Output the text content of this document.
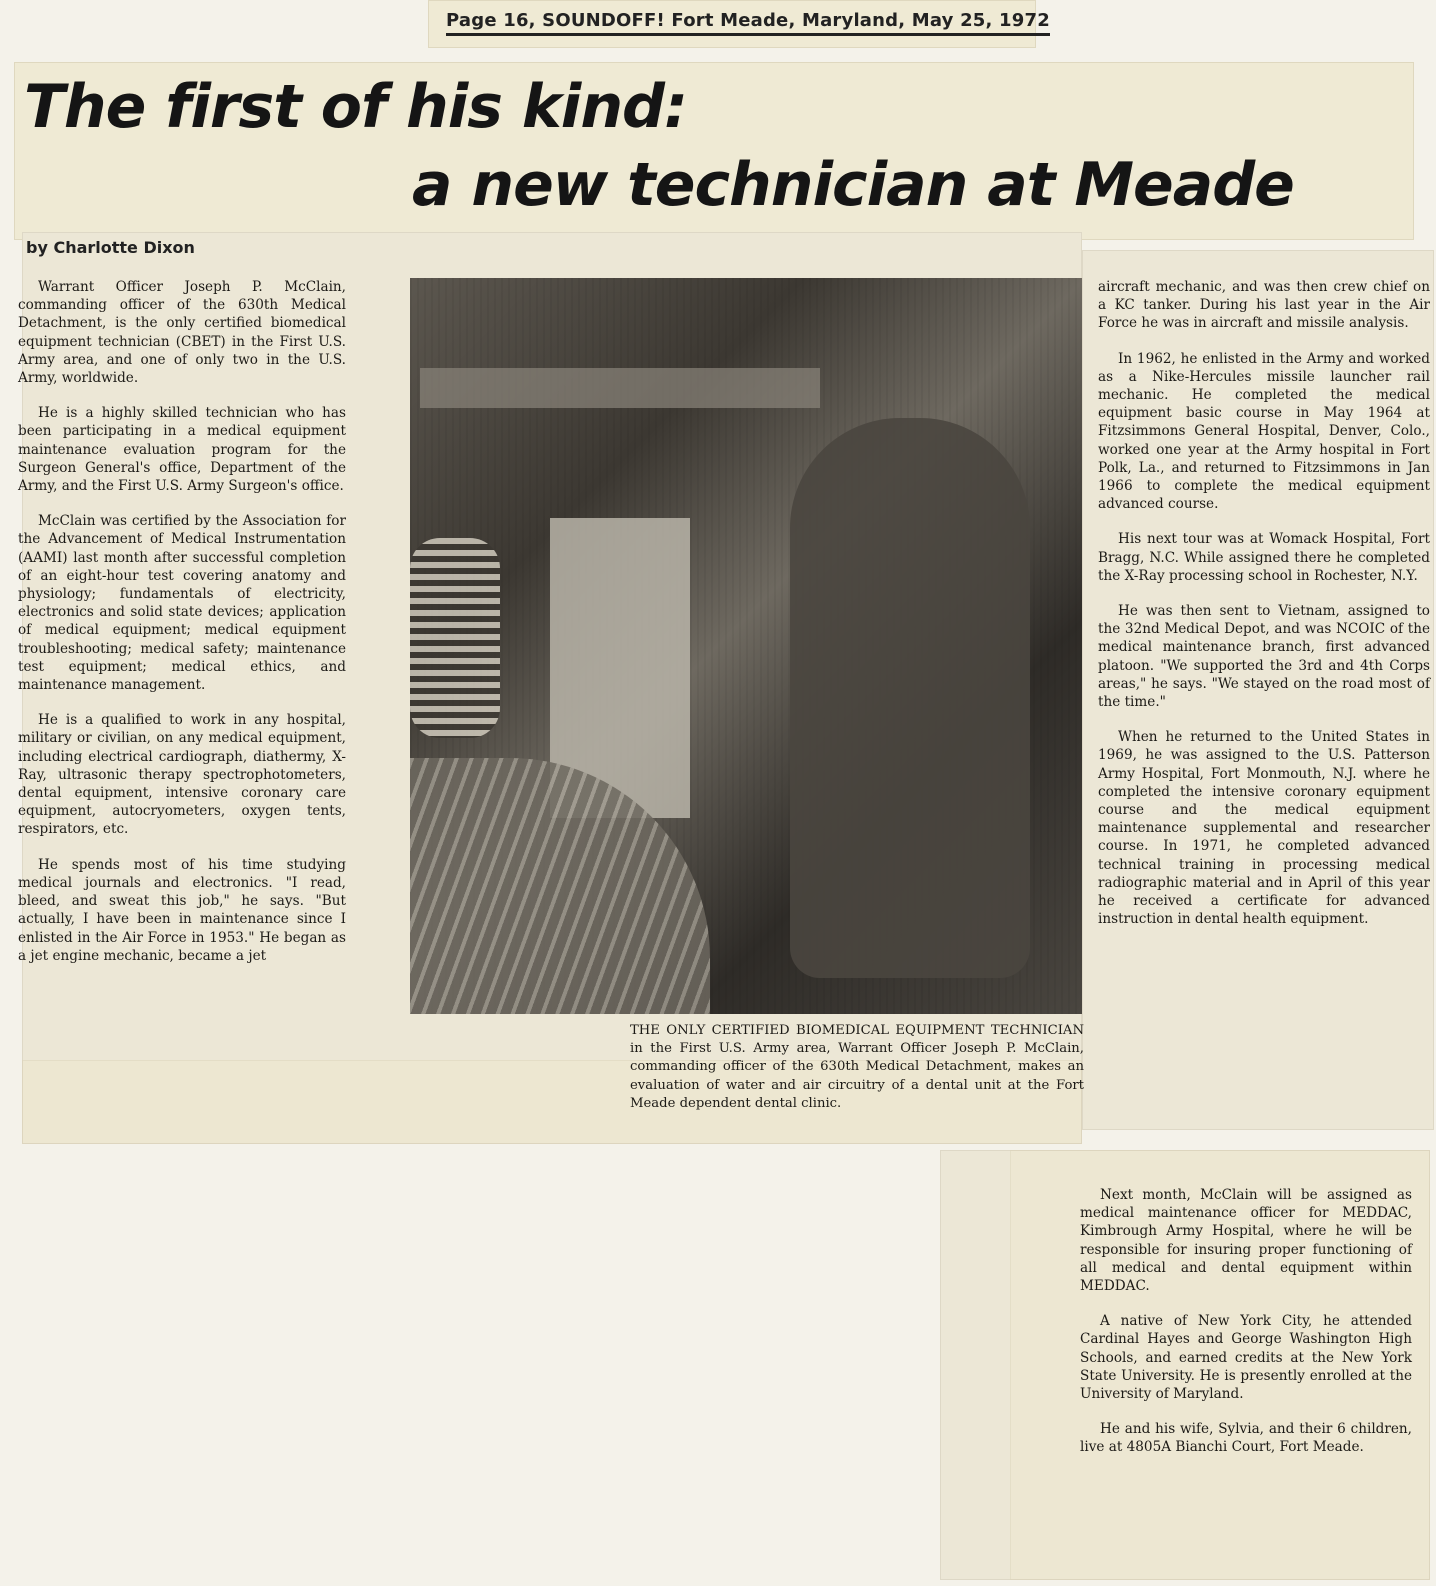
Page 16, SOUNDOFF! Fort Meade, Maryland, May 25, 1972
The first of his kind:
a new technician at Meade
by Charlotte Dixon

Warrant Officer Joseph P. McClain, commanding officer of the 630th Medical Detachment, is the only certified biomedical equipment technician (CBET) in the First U.S. Army area, and one of only two in the U.S. Army, worldwide.

He is a highly skilled technician who has been participating in a medical equipment maintenance evaluation program for the Surgeon General's office, Department of the Army, and the First U.S. Army Surgeon's office.

McClain was certified by the Association for the Advancement of Medical Instrumentation (AAMI) last month after successful completion of an eight-hour test covering anatomy and physiology; fundamentals of electricity, electronics and solid state devices; application of medical equipment; medical equipment troubleshooting; medical safety; maintenance test equipment; medical ethics, and maintenance management.

He is a qualified to work in any hospital, military or civilian, on any medical equipment, including electrical cardiograph, diathermy, X-Ray, ultrasonic therapy spectrophotometers, dental equipment, intensive coronary care equipment, autocryometers, oxygen tents, respirators, etc.

He spends most of his time studying medical journals and electronics. "I read, bleed, and sweat this job," he says. "But actually, I have been in maintenance since I enlisted in the Air Force in 1953." He began as a jet engine mechanic, became a jet

THE ONLY CERTIFIED BIOMEDICAL EQUIPMENT TECHNICIAN in the First U.S. Army area, Warrant Officer Joseph P. McClain, commanding officer of the 630th Medical Detachment, makes an evaluation of water and air circuitry of a dental unit at the Fort Meade dependent dental clinic.

aircraft mechanic, and was then crew chief on a KC tanker. During his last year in the Air Force he was in aircraft and missile analysis.

In 1962, he enlisted in the Army and worked as a Nike-Hercules missile launcher rail mechanic. He completed the medical equipment basic course in May 1964 at Fitzsimmons General Hospital, Denver, Colo., worked one year at the Army hospital in Fort Polk, La., and returned to Fitzsimmons in Jan 1966 to complete the medical equipment advanced course.

His next tour was at Womack Hospital, Fort Bragg, N.C. While assigned there he completed the X-Ray processing school in Rochester, N.Y.

He was then sent to Vietnam, assigned to the 32nd Medical Depot, and was NCOIC of the medical maintenance branch, first advanced platoon. "We supported the 3rd and 4th Corps areas," he says. "We stayed on the road most of the time."

When he returned to the United States in 1969, he was assigned to the U.S. Patterson Army Hospital, Fort Monmouth, N.J. where he completed the intensive coronary equipment course and the medical equipment maintenance supplemental and researcher course. In 1971, he completed advanced technical training in processing medical radiographic material and in April of this year he received a certificate for advanced instruction in dental health equipment.

Next month, McClain will be assigned as medical maintenance officer for MEDDAC, Kimbrough Army Hospital, where he will be responsible for insuring proper functioning of all medical and dental equipment within MEDDAC.

A native of New York City, he attended Cardinal Hayes and George Washington High Schools, and earned credits at the New York State University. He is presently enrolled at the University of Maryland.

He and his wife, Sylvia, and their 6 children, live at 4805A Bianchi Court, Fort Meade.
